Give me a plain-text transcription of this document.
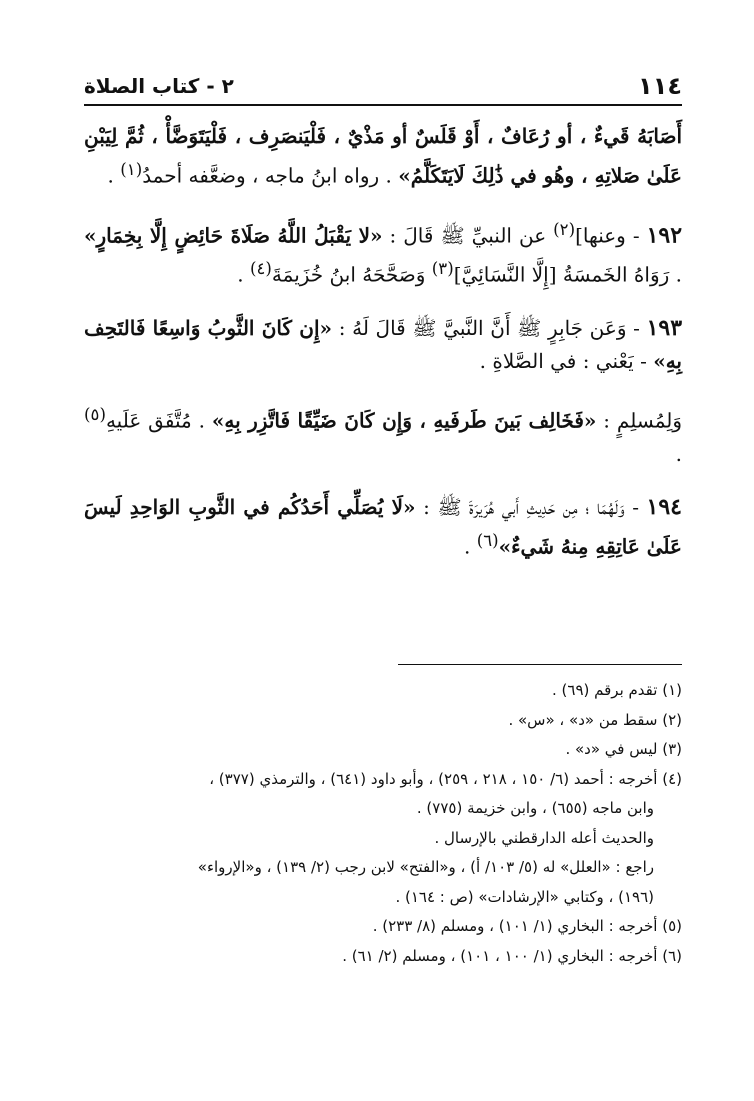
١١٤
٢ - كتاب الصلاة

أَصَابَهُ قَيءٌ ، أو رُعَافٌ ، أَوْ قَلَسٌ أو مَذْيٌ ، فَلْيَنصَرِف ، فَلْيَتَوَضَّأْ ، ثُمَّ لِيَبْنِ عَلَىٰ صَلاتِهِ ، وهُو في ذَٰلِكَ لَايَتَكَلَّمُ» . رواه ابنُ ماجه ، وضعَّفه أحمدُ$^{(١)}$ .

١٩٢ - وعنها]$^{(٢)}$ عن النبيِّ ﷺ قَالَ : «لا يَقْبَلُ اللَّهُ صَلَاةَ حَائِضٍ إِلَّا بِخِمَارٍ» . رَوَاهُ الخَمسَةُ [إِلَّا النَّسَائِيَّ]$^{(٣)}$ وَصَحَّحَهُ ابنُ خُزَيمَةَ$^{(٤)}$ .

١٩٣ - وَعَن جَابِرٍ ﷺ أَنَّ النَّبيَّ ﷺ قَالَ لَهُ : «إِن كَانَ الثَّوبُ وَاسِعًا فَالتَحِف بِهِ» - يَعْني : في الصَّلاةِ .

وَلِمُسلِمٍ : «فَخَالِف بَينَ طَرفَيهِ ، وَإِن كَانَ ضَيِّقًا فَاتَّزِر بِهِ» . مُتَّفَق عَلَيهِ$^{(٥)}$ .

١٩٤ - وَلَهُمَا ؛ مِن حَدِيثِ أَبي هُرَيرَةَ ﷺ : «لَا يُصَلِّي أَحَدُكُم في الثَّوبِ الوَاحِدِ لَيسَ عَلَىٰ عَاتِقِهِ مِنهُ شَيءٌ»$^{(٦)}$ .

(١) تقدم برقم (٦٩) .
(٢) سقط من «د» ، «س» .
(٣) ليس في «د» .
(٤) أخرجه : أحمد (٦/ ١٥٠ ، ٢١٨ ، ٢٥٩) ، وأبو داود (٦٤١) ، والترمذي (٣٧٧) ،
وابن ماجه (٦٥٥) ، وابن خزيمة (٧٧٥) .
والحديث أعله الدارقطني بالإرسال .
راجع : «العلل» له (٥/ ١٠٣/ أ) ، و«الفتح» لابن رجب (٢/ ١٣٩) ، و«الإرواء»
(١٩٦) ، وكتابي «الإرشادات» (ص : ١٦٤) .
(٥) أخرجه : البخاري (١/ ١٠١) ، ومسلم (٨/ ٢٣٣) .
(٦) أخرجه : البخاري (١/ ١٠٠ ، ١٠١) ، ومسلم (٢/ ٦١) .
